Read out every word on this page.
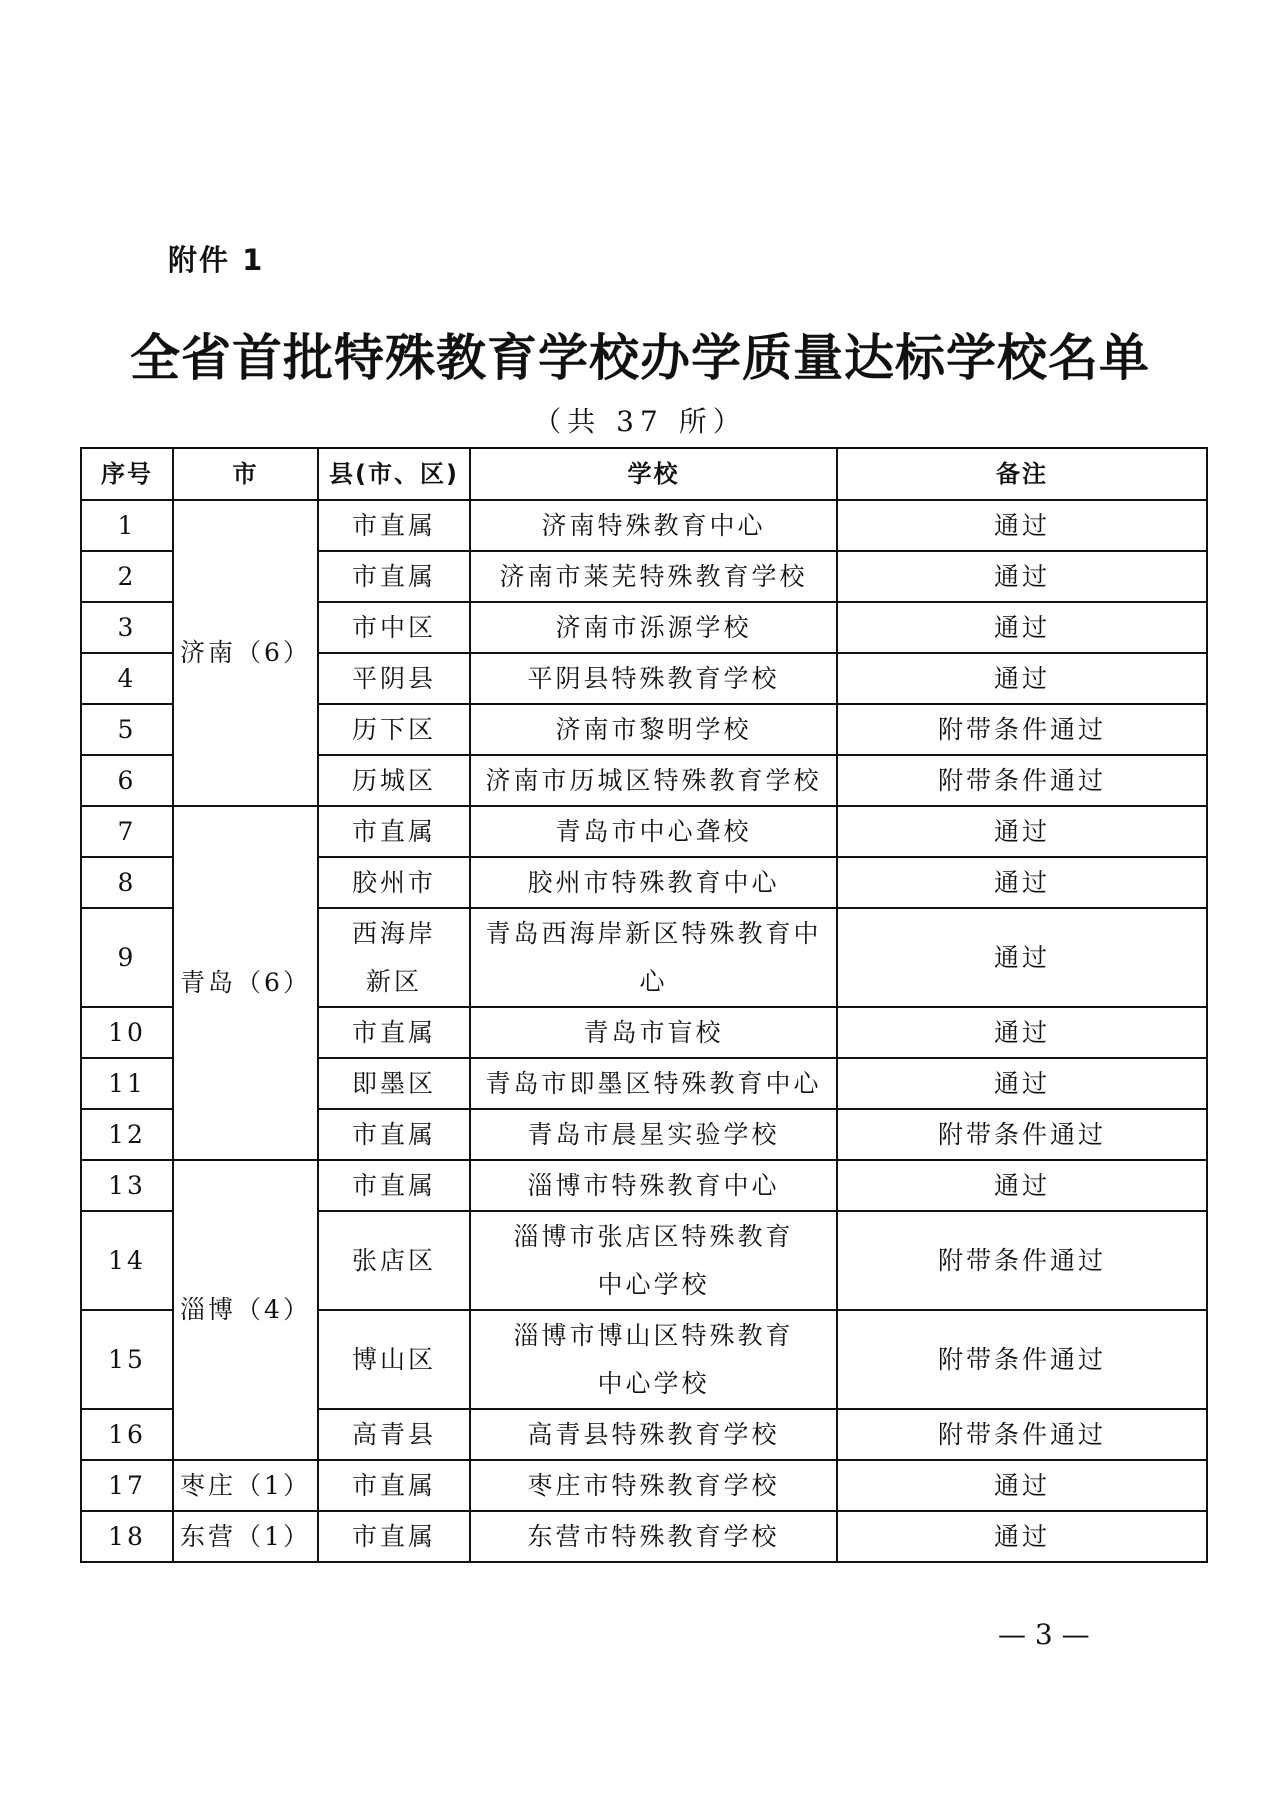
附件 1
全省首批特殊教育学校办学质量达标学校名单
（共 37 所）
序号	市	县(市、区)	学校	备注
1	济南（6）	市直属	济南特殊教育中心	通过
2		市直属	济南市莱芜特殊教育学校	通过
3		市中区	济南市泺源学校	通过
4		平阴县	平阴县特殊教育学校	通过
5		历下区	济南市黎明学校	附带条件通过
6		历城区	济南市历城区特殊教育学校	附带条件通过
7	青岛（6）	市直属	青岛市中心聋校	通过
8		胶州市	胶州市特殊教育中心	通过
9		西海岸
新区	青岛西海岸新区特殊教育中心	通过
10		市直属	青岛市盲校	通过
11		即墨区	青岛市即墨区特殊教育中心	通过
12		市直属	青岛市晨星实验学校	附带条件通过
13	淄博（4）	市直属	淄博市特殊教育中心	通过
14		张店区	淄博市张店区特殊教育
中心学校	附带条件通过
15		博山区	淄博市博山区特殊教育
中心学校	附带条件通过
16		高青县	高青县特殊教育学校	附带条件通过
17	枣庄（1）	市直属	枣庄市特殊教育学校	通过
18	东营（1）	市直属	东营市特殊教育学校	通过
— 3 —
